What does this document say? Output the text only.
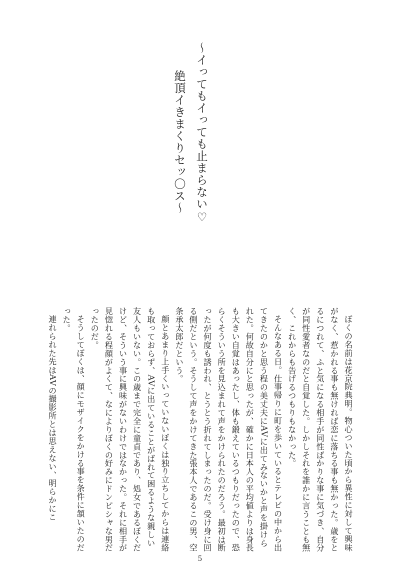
〜イってもイっても止まらない♡
絶頂イきまくりセッ〇ス〜

ぼくの名前は花京院典明。物心ついた頃から異性に対して興味がなく、惹かれる事も無ければ恋に落ちる事も無かった。歳をとるにつれて、ふと気になる相手が同性ばかりな事に気づき、自分が同性愛者なのだと自覚した。しかしそれを誰かに言うことも無く、これからも告げるつもりもなかった。

そんなある日。仕事帰りに町を歩いているとテレビの中から出てきたのかと思う程の美丈夫にAVに出てみないかと声を掛けられた。何故自分にと思ったが、確かに日本人の平均値よりは身長も大きい自覚はあったし、体も鍛えているつもりだったので、恐らくそういう所を見込まれて声をかけられたのだろう。最初は断ったが何度も誘われ、とうとう折れてしまったのだ。受け身に回る側だという。そうして声をかけてきた張本人であるこの男、空条承太郎だという。

顔とあまり上手くいっていないぼくは独り立ちしてからは連絡も取っておらず、AVに出ていることがばれて困るような親しい友人もいない。この歳まで完全に童貞であり、処女であるぼくだけど、そういう事に興味がないわけではなかった。それに相手が見惚れる程顔がよくて、なによりぼくの好みにドンピシャな男だったのだ。

そうしてぼくは、顔にモザイクをかける事を条件に頷いたのだった。

連れられた先はAVの撮影所とは思えない、明らかにこ

5
